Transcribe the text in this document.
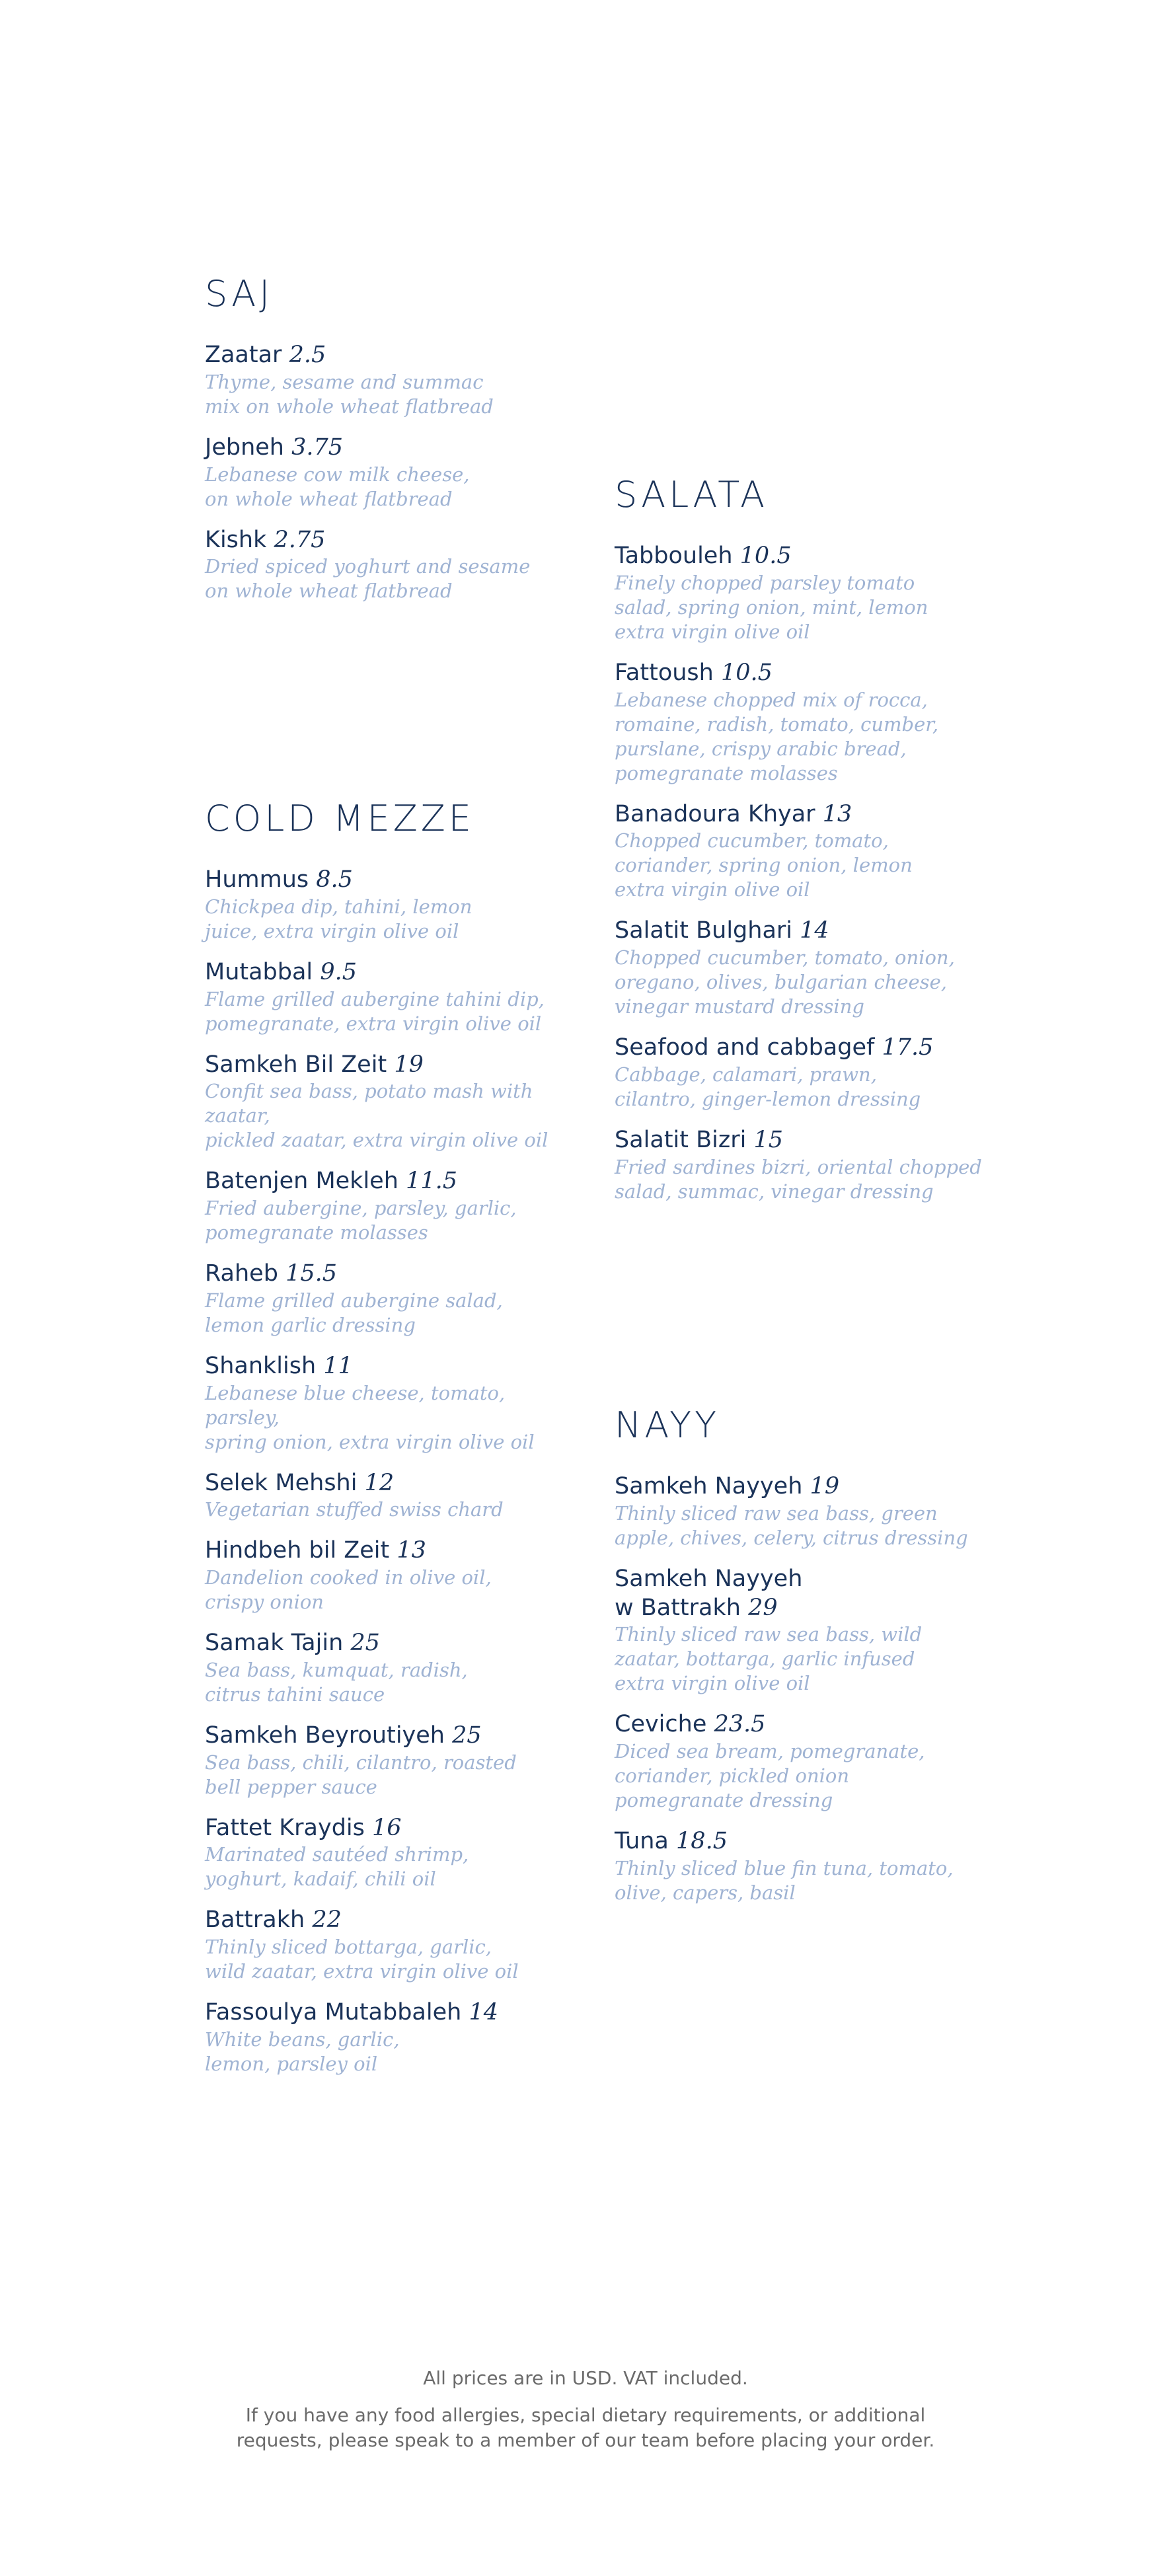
SAJ
Zaatar 2.5
Thyme, sesame and summac
mix on whole wheat flatbread
Jebneh 3.75
Lebanese cow milk cheese,
on whole wheat flatbread
Kishk 2.75
Dried spiced yoghurt and sesame
on whole wheat flatbread
COLD MEZZE
Hummus 8.5
Chickpea dip, tahini, lemon
juice, extra virgin olive oil
Mutabbal 9.5
Flame grilled aubergine tahini dip,
pomegranate, extra virgin olive oil
Samkeh Bil Zeit 19
Confit sea bass, potato mash with zaatar,
pickled zaatar, extra virgin olive oil
Batenjen Mekleh 11.5
Fried aubergine, parsley, garlic,
pomegranate molasses
Raheb 15.5
Flame grilled aubergine salad,
lemon garlic dressing
Shanklish 11
Lebanese blue cheese, tomato, parsley,
spring onion, extra virgin olive oil
Selek Mehshi 12
Vegetarian stuffed swiss chard
Hindbeh bil Zeit 13
Dandelion cooked in olive oil,
crispy onion
Samak Tajin 25
Sea bass, kumquat, radish,
citrus tahini sauce
Samkeh Beyroutiyeh 25
Sea bass, chili, cilantro, roasted
bell pepper sauce
Fattet Kraydis 16
Marinated sautéed shrimp,
yoghurt, kadaif, chili oil
Battrakh 22
Thinly sliced bottarga, garlic,
wild zaatar, extra virgin olive oil
Fassoulya Mutabbaleh 14
White beans, garlic,
lemon, parsley oil
SALATA
Tabbouleh 10.5
Finely chopped parsley tomato
salad, spring onion, mint, lemon
extra virgin olive oil
Fattoush 10.5
Lebanese chopped mix of rocca,
romaine, radish, tomato, cumber,
purslane, crispy arabic bread,
pomegranate molasses
Banadoura Khyar 13
Chopped cucumber, tomato,
coriander, spring onion, lemon
extra virgin olive oil
Salatit Bulghari 14
Chopped cucumber, tomato, onion,
oregano, olives, bulgarian cheese,
vinegar mustard dressing
Seafood and cabbagef 17.5
Cabbage, calamari, prawn,
cilantro, ginger-lemon dressing
Salatit Bizri 15
Fried sardines bizri, oriental chopped
salad, summac, vinegar dressing
NAYY
Samkeh Nayyeh 19
Thinly sliced raw sea bass, green
apple, chives, celery, citrus dressing
Samkeh Nayyeh
w Battrakh 29
Thinly sliced raw sea bass, wild
zaatar, bottarga, garlic infused
extra virgin olive oil
Ceviche 23.5
Diced sea bream, pomegranate,
coriander, pickled onion
pomegranate dressing
Tuna 18.5
Thinly sliced blue fin tuna, tomato,
olive, capers, basil
All prices are in USD. VAT included.
If you have any food allergies, special dietary requirements, or additional
requests, please speak to a member of our team before placing your order.
